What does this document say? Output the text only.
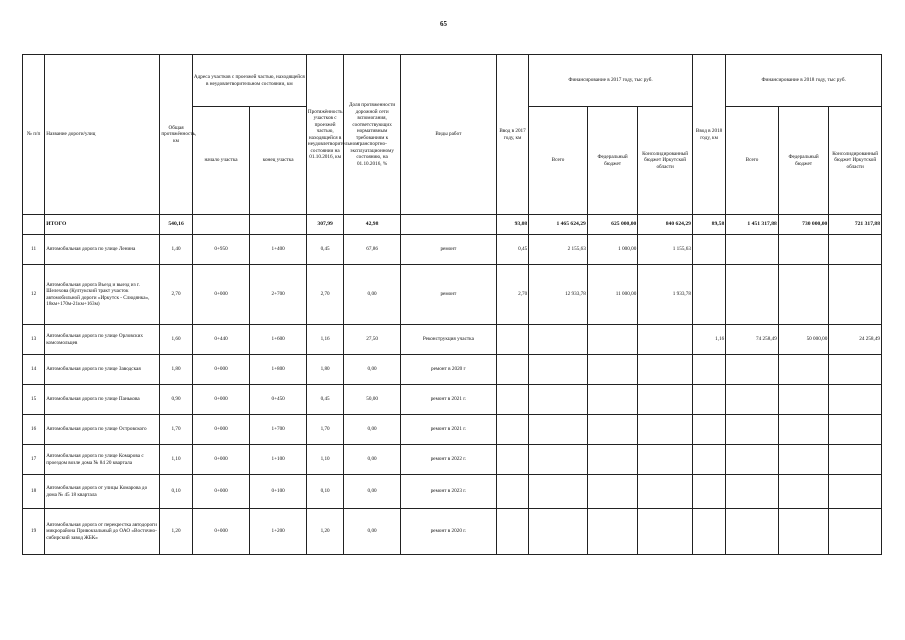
65
№ п/п	Название дороги/улиц	Общая протяжённость, км	Адреса участков с проезжей частью, находящейся в неудовлетворительном состоянии, км		Протяжённость участков с проезжей частью, находящейся в неудовлетворительном состоянии на 01.10.2016, км	Доля протяженности дорожной сети вспомогания, соответствующих нормативным требованиям к транспортно-эксплуатационному состоянию, на 01.10.2016, %	Виды работ	Ввод в 2017 году, км	Финансирование в 2017 году, тыс руб.			Ввод в 2018 году, км	Финансирование в 2018 году, тыс руб.		
			начало участка	конец участка					Всего	Федеральный бюджет	Консолидированный бюджет Иркутской области		Всего	Федеральный бюджет	Консолидированный бюджет Иркутской области
	ИТОГО	540,16			307,99	42,98		93,08	1 465 624,29	625 000,00	840 624,29	89,58	1 451 317,88	730 000,00	721 317,88
11	Автомобильная дорога по улице Ленина	1,40	0+950	1+400	0,45	67,86	ремонт	0,45	2 155,63	1 000,00	1 155,63				
12	Автомобильная дорога Въезд и выезд из г. Шелехова (Култукский тракт участок автомобильной дороги «Иркутск - Слюдянка», 18км+170м-21км+163м)	2,70	0+000	2+700	2,70	0,00	ремонт	2,70	12 933,78	11 000,00	1 933,78				
13	Автомобильная дорога по улице Орловских комсомольцев	1,60	0+440	1+600	1,16	27,50	Реконструкция участка					1,16	74 258,49	50 000,00	24 258,49
14	Автомобильная дорога по улице Заводская	1,80	0+000	1+800	1,80	0,00	ремонт в 2020 г								
15	Автомобильная дорога по улице Панькова	0,90	0+000	0+450	0,45	50,00	ремонт в 2021 г.								
16	Автомобильная дорога по улице Островского	1,70	0+000	1+700	1,70	0,00	ремонт в 2021 г.								
17	Автомобильная дорога по улице Комарова с проездом возле дома № 84 20 квартала	1,10	0+000	1+100	1,10	0,00	ремонт в 2022 г.								
18	Автомобильная дорога от улицы Комарова до дома № 45 18 квартала	0,10	0+000	0+100	0,10	0,00	ремонт в 2023 г.								
19	Автомобильная дорога от перекрестка автодороги микрорайона Привокзальный до ОАО «Восточно-сибирский завод ЖБК»	1,20	0+000	1+200	1,20	0,00	ремонт в 2020 г.								
